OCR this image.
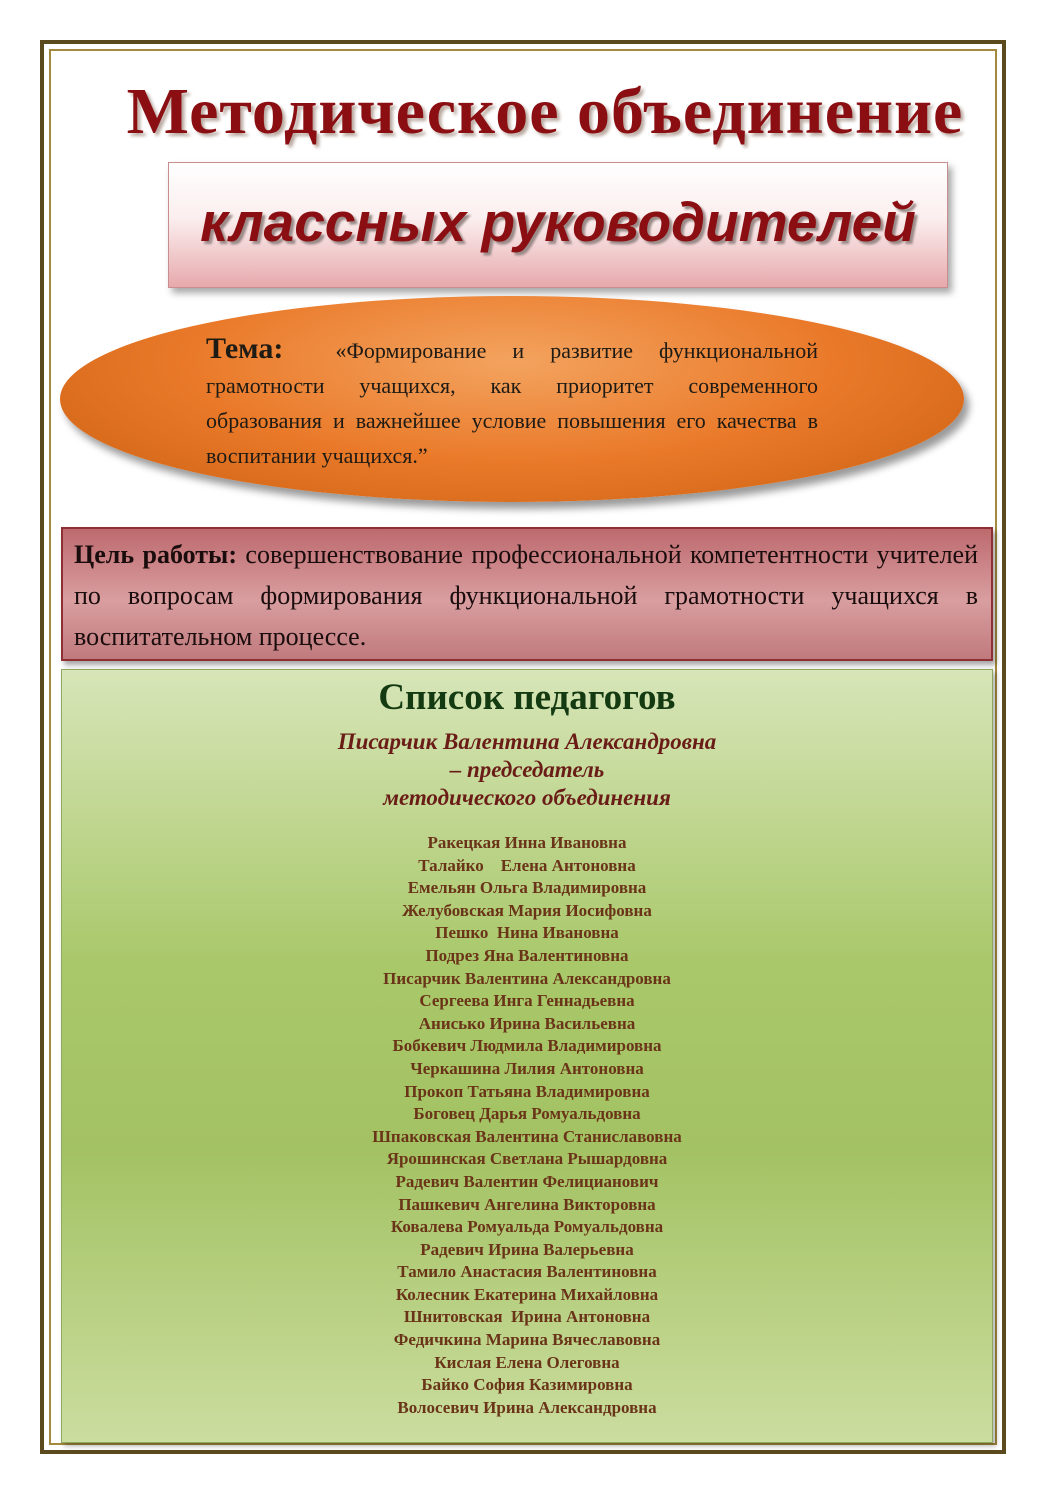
Методическое объединение
классных руководителей
Тема: «Формирование и развитие функциональной грамотности учащихся, как приоритет современного образования и важнейшее условие повышения его качества в воспитании учащихся.”
Цель работы: совершенствование профессиональной компетентности учителей по вопросам формирования функциональной грамотности учащихся в воспитательном процессе.
Список педагогов
Писарчик Валентина Александровна
– председатель
методического объединения
Ракецкая Инна Ивановна
Талайко    Елена Антоновна
Емельян Ольга Владимировна
Желубовская Мария Иосифовна
Пешко  Нина Ивановна
Подрез Яна Валентиновна
Писарчик Валентина Александровна
Сергеева Инга Геннадьевна
Анисько Ирина Васильевна
Бобкевич Людмила Владимировна
Черкашина Лилия Антоновна
Прокоп Татьяна Владимировна
Боговец Дарья Ромуальдовна
Шпаковская Валентина Станиславовна
Ярошинская Светлана Рышардовна
Радевич Валентин Фелицианович
Пашкевич Ангелина Викторовна
Ковалева Ромуальда Ромуальдовна
Радевич Ирина Валерьевна
Тамило Анастасия Валентиновна
Колесник Екатерина Михайловна
Шнитовская  Ирина Антоновна
Федичкина Марина Вячеславовна
Кислая Елена Олеговна
Байко София Казимировна
Волосевич Ирина Александровна
